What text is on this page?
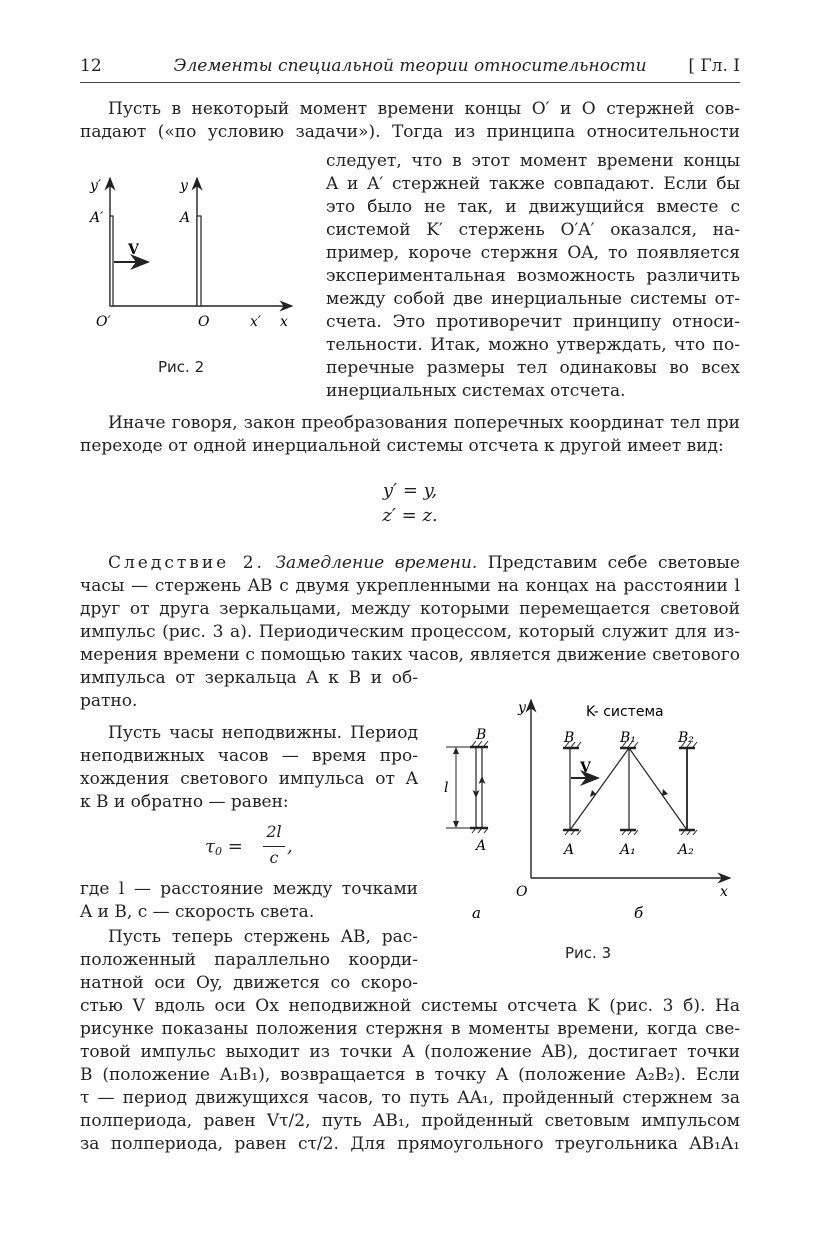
12	Элементы специальной теории относительности	[ Гл. I
Пусть в некоторый момент времени концы O′ и O стержней сов-
падают («по условию задачи»). Тогда из принципа относительности
следует, что в этот момент времени концы
A и A′ стержней также совпадают. Если бы
это было не так, и движущийся вместе с
системой K′ стержень O′A′ оказался, на-
пример, короче стержня OA, то появляется
экспериментальная возможность различить
между собой две инерциальные системы от-
счета. Это противоречит принципу относи-
тельности. Итак, можно утверждать, что по-
перечные размеры тел одинаковы во всех
инерциальных системах отсчета.
V
y′	y
A′	A
O′	O	x′ x
Рис. 2
Иначе говоря, закон преобразования поперечных координат тел при
переходе от одной инерциальной системы отсчета к другой имеет вид:
y′ = y,
z′ = z.
Следствие 2. Замедление времени. Представим себе световые
часы — стержень AB с двумя укрепленными на концах на расстоянии l
друг от друга зеркальцами, между которыми перемещается световой
импульс (рис. 3 а). Периодическим процессом, который служит для из-
мерения времени с помощью таких часов, является движение светового
импульса от зеркальца A к B и об-
ратно.
Пусть часы неподвижны. Период
неподвижных часов — время про-
хождения светового импульса от A
к B и обратно — равен:
$\tau_0$ =
2l
c
,
где l — расстояние между точками
A и B, c — скорость света.
Пусть теперь стержень AB, рас-
положенный параллельно коорди-
натной оси Oy, движется со скоро-
стью V вдоль оси Ox неподвижной системы отсчета K (рис. 3 б). На
рисунке показаны положения стержня в моменты времени, когда све-
товой импульс выходит из точки A (положение AB), достигает точки
B (положение A₁B₁), возвращается в точку A (положение A₂B₂). Если
τ — период движущихся часов, то путь AA₁, пройденный стержнем за
полпериода, равен Vτ/2, путь AB₁, пройденный световым импульсом
за полпериода, равен cτ/2. Для прямоугольного треугольника AB₁A₁
l
B
A
а
y
x
O
K- система
V
B	B₁	B₂
A	A₁	A₂
б
Рис. 3
